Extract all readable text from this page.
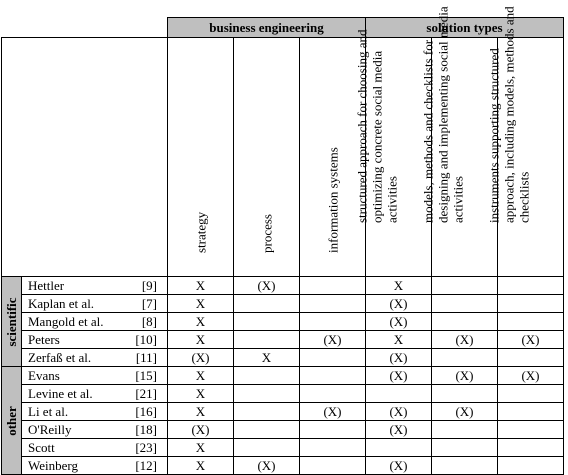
			business engineering			solution types		

			strategy	process	information systems	structured approach for choosing and optimizing concrete social media activities	models, methods and checklists for designing and implementing social media activities	instruments supporting structured approach, including models, methods and checklists

scientific	Hettler	[9]	X	(X)		X		
	Kaplan et al.	[7]	X			(X)		
	Mangold et al.	[8]	X			(X)		
	Peters	[10]	X		(X)	X	(X)	(X)
	Zerfaß et al.	[11]	(X)	X		(X)		

other	Evans	[15]	X			(X)	(X)	(X)
	Levine et al.	[21]	X					
	Li et al.	[16]	X		(X)	(X)	(X)	
	O'Reilly	[18]	(X)			(X)		
	Scott	[23]	X					
	Weinberg	[12]	X	(X)		(X)		
